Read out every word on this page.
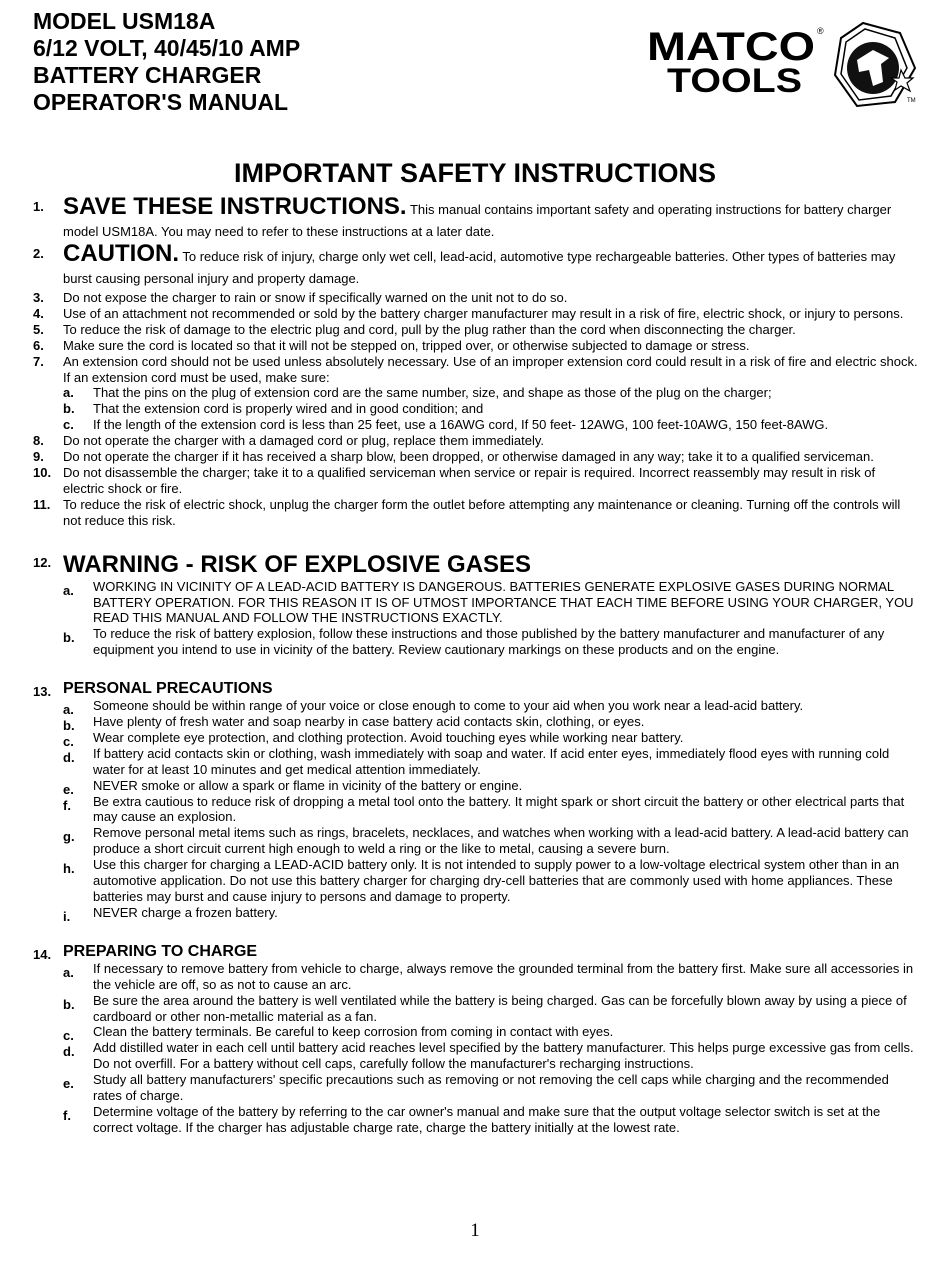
MODEL USM18A
6/12 VOLT, 40/45/10 AMP
BATTERY CHARGER
OPERATOR'S MANUAL
MATCO ®
TOOLS
TM
IMPORTANT SAFETY INSTRUCTIONS
1. SAVE THESE INSTRUCTIONS. This manual contains important safety and operating instructions for battery charger model USM18A. You may need to refer to these instructions at a later date.
2. CAUTION. To reduce risk of injury, charge only wet cell, lead-acid, automotive type rechargeable batteries. Other types of batteries may burst causing personal injury and property damage.
3.	Do not expose the charger to rain or snow if specifically warned on the unit not to do so.
4.	Use of an attachment not recommended or sold by the battery charger manufacturer may result in a risk of fire, electric shock, or injury to persons.
5.	To reduce the risk of damage to the electric plug and cord, pull by the plug rather than the cord when disconnecting the charger.
6.	Make sure the cord is located so that it will not be stepped on, tripped over, or otherwise subjected to damage or stress.
7.	An extension cord should not be used unless absolutely necessary. Use of an improper extension cord could result in a risk of fire and electric shock. If an extension cord must be used, make sure:
a.	That the pins on the plug of extension cord are the same number, size, and shape as those of the plug on the charger;
b.	That the extension cord is properly wired and in good condition; and
c.	If the length of the extension cord is less than 25 feet, use a 16AWG cord, If 50 feet- 12AWG, 100 feet-10AWG, 150 feet-8AWG.
8.	Do not operate the charger with a damaged cord or plug, replace them immediately.
9.	Do not operate the charger if it has received a sharp blow, been dropped, or otherwise damaged in any way; take it to a qualified serviceman.
10. Do not disassemble the charger; take it to a qualified serviceman when service or repair is required. Incorrect reassembly may result in risk of electric shock or fire.
11. To reduce the risk of electric shock, unplug the charger form the outlet before attempting any maintenance or cleaning. Turning off the controls will not reduce this risk.
12. WARNING - RISK OF EXPLOSIVE GASES
a.	WORKING IN VICINITY OF A LEAD-ACID BATTERY IS DANGEROUS. BATTERIES GENERATE EXPLOSIVE GASES DURING NORMAL BATTERY OPERATION. FOR THIS REASON IT IS OF UTMOST IMPORTANCE THAT EACH TIME BEFORE USING YOUR CHARGER, YOU READ THIS MANUAL AND FOLLOW THE INSTRUCTIONS EXACTLY.
b.	To reduce the risk of battery explosion, follow these instructions and those published by the battery manufacturer and manufacturer of any equipment you intend to use in vicinity of the battery. Review cautionary markings on these products and on the engine.
13. PERSONAL PRECAUTIONS
a.	Someone should be within range of your voice or close enough to come to your aid when you work near a lead-acid battery.
b.	Have plenty of fresh water and soap nearby in case battery acid contacts skin, clothing, or eyes.
c.	Wear complete eye protection, and clothing protection. Avoid touching eyes while working near battery.
d.	If battery acid contacts skin or clothing, wash immediately with soap and water. If acid enter eyes, immediately flood eyes with running cold water for at least 10 minutes and get medical attention immediately.
e.	NEVER smoke or allow a spark or flame in vicinity of the battery or engine.
f.	Be extra cautious to reduce risk of dropping a metal tool onto the battery. It might spark or short circuit the battery or other electrical parts that may cause an explosion.
g.	Remove personal metal items such as rings, bracelets, necklaces, and watches when working with a lead-acid battery. A lead-acid battery can produce a short circuit current high enough to weld a ring or the like to metal, causing a severe burn.
h.	Use this charger for charging a LEAD-ACID battery only. It is not intended to supply power to a low-voltage electrical system other than in an automotive application. Do not use this battery charger for charging dry-cell batteries that are commonly used with home appliances. These batteries may burst and cause injury to persons and damage to property.
i.	NEVER charge a frozen battery.
14. PREPARING TO CHARGE
a.	If necessary to remove battery from vehicle to charge, always remove the grounded terminal from the battery first. Make sure all accessories in the vehicle are off, so as not to cause an arc.
b.	Be sure the area around the battery is well ventilated while the battery is being charged. Gas can be forcefully blown away by using a piece of cardboard or other non-metallic material as a fan.
c.	Clean the battery terminals. Be careful to keep corrosion from coming in contact with eyes.
d.	Add distilled water in each cell until battery acid reaches level specified by the battery manufacturer. This helps purge excessive gas from cells. Do not overfill. For a battery without cell caps, carefully follow the manufacturer's recharging instructions.
e.	Study all battery manufacturers' specific precautions such as removing or not removing the cell caps while charging and the recommended rates of charge.
f.	Determine voltage of the battery by referring to the car owner's manual and make sure that the output voltage selector switch is set at the correct voltage. If the charger has adjustable charge rate, charge the battery initially at the lowest rate.
1
